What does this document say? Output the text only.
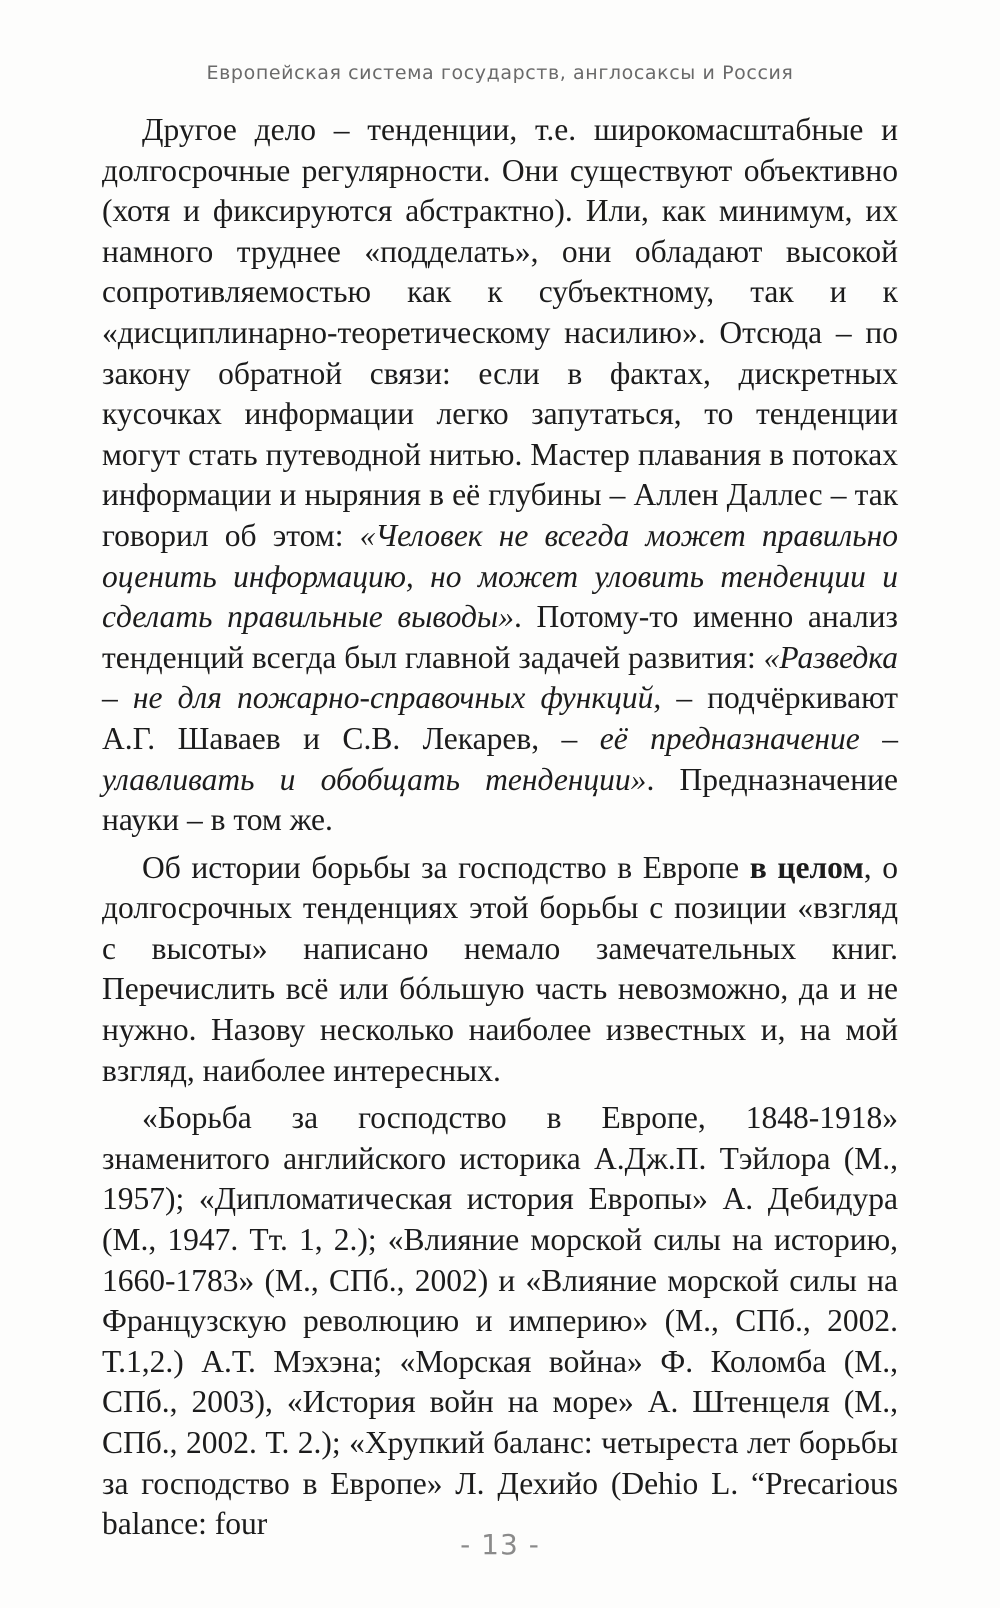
Европейская система государств, англосаксы и Россия

Другое дело – тенденции, т.е. широкомасштабные и долгосрочные регулярности. Они существуют объективно (хотя и фиксируются абстрактно). Или, как минимум, их намного труднее «подделать», они обладают высокой сопротивляемостью как к субъектному, так и к «дисциплинарно-теоретическому насилию». Отсюда – по закону обратной связи: если в фактах, дискретных кусочках информации легко запутаться, то тенденции могут стать путеводной нитью. Мастер плавания в потоках информации и ныряния в её глубины – Аллен Даллес – так говорил об этом: «Человек не всегда может правильно оценить информацию, но может уловить тенденции и сделать правильные выводы». Потому-то именно анализ тенденций всегда был главной задачей развития: «Разведка – не для пожарно-справочных функций, – подчёркивают А.Г. Шаваев и С.В. Лекарев, – её предназначение – улавливать и обобщать тенденции». Предназначение науки – в том же.

Об истории борьбы за господство в Европе в целом, о долгосрочных тенденциях этой борьбы с позиции «взгляд с высоты» написано немало замечательных книг. Перечислить всё или бóльшую часть невозможно, да и не нужно. Назову несколько наиболее известных и, на мой взгляд, наиболее интересных.

«Борьба за господство в Европе, 1848-1918» знаменитого английского историка А.Дж.П. Тэйлора (М., 1957); «Дипломатическая история Европы» А. Дебидура (М., 1947. Тт. 1, 2.); «Влияние морской силы на историю, 1660-1783» (М., СПб., 2002) и «Влияние морской силы на Французскую революцию и империю» (М., СПб., 2002. Т.1,2.) А.Т. Мэхэна; «Морская война» Ф. Коломба (М., СПб., 2003), «История войн на море» А. Штенцеля (М., СПб., 2002. Т. 2.); «Хрупкий баланс: четыреста лет борьбы за господство в Европе» Л. Дехийо (Dehio L. “Precarious balance: four

- 13 -
